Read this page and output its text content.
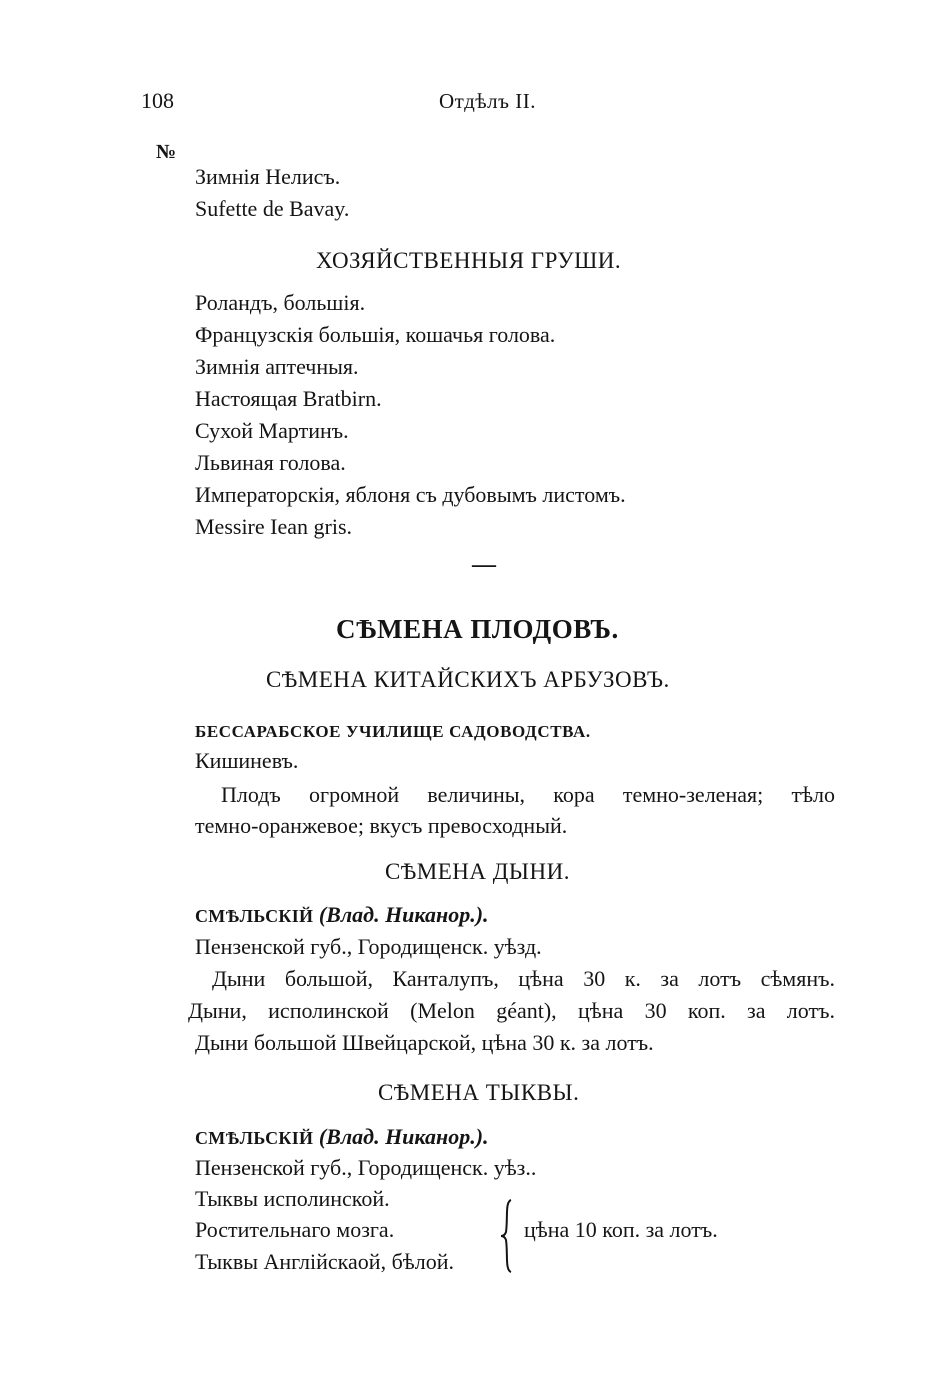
108	Отдѣлъ II.
№
Зимнія Нелисъ.
Sufette de Bavay.
ХОЗЯЙСТВЕННЫЯ ГРУШИ.
Роландъ, большія.
Французскія большія, кошачья голова.
Зимнія аптечныя.
Настоящая Bratbirn.
Сухой Мартинъ.
Львиная голова.
Императорскія, яблоня съ дубовымъ листомъ.
Messire Iean gris.
—
СѢМЕНА ПЛОДОВЪ.
СѢМЕНА КИТАЙСКИХЪ АРБУЗОВЪ.
БЕССАРАБСКОЕ УЧИЛИЩЕ САДОВОДСТВА.
Кишиневъ.
Плодъ огромной величины, кора темно-зеленая; тѣло
темно-оранжевое; вкусъ превосходный.
СѢМЕНА ДЫНИ.
СМѢЛЬСКІЙ (Влад. Никанор.).
Пензенской губ., Городищенск. уѣзд.
Дыни большой, Канталупъ, цѣна 30 к. за лотъ сѣмянъ.
Дыни, исполинской (Melon géant), цѣна 30 коп. за лотъ.
Дыни большой Швейцарской, цѣна 30 к. за лотъ.
СѢМЕНА ТЫКВЫ.
СМѢЛЬСКІЙ (Влад. Никанор.).
Пензенской губ., Городищенск. уѣз..
Тыквы исполинской.
Ростительнаго мозга.
Тыквы Англійскаой, бѣлой.
цѣна 10 коп. за лотъ.
